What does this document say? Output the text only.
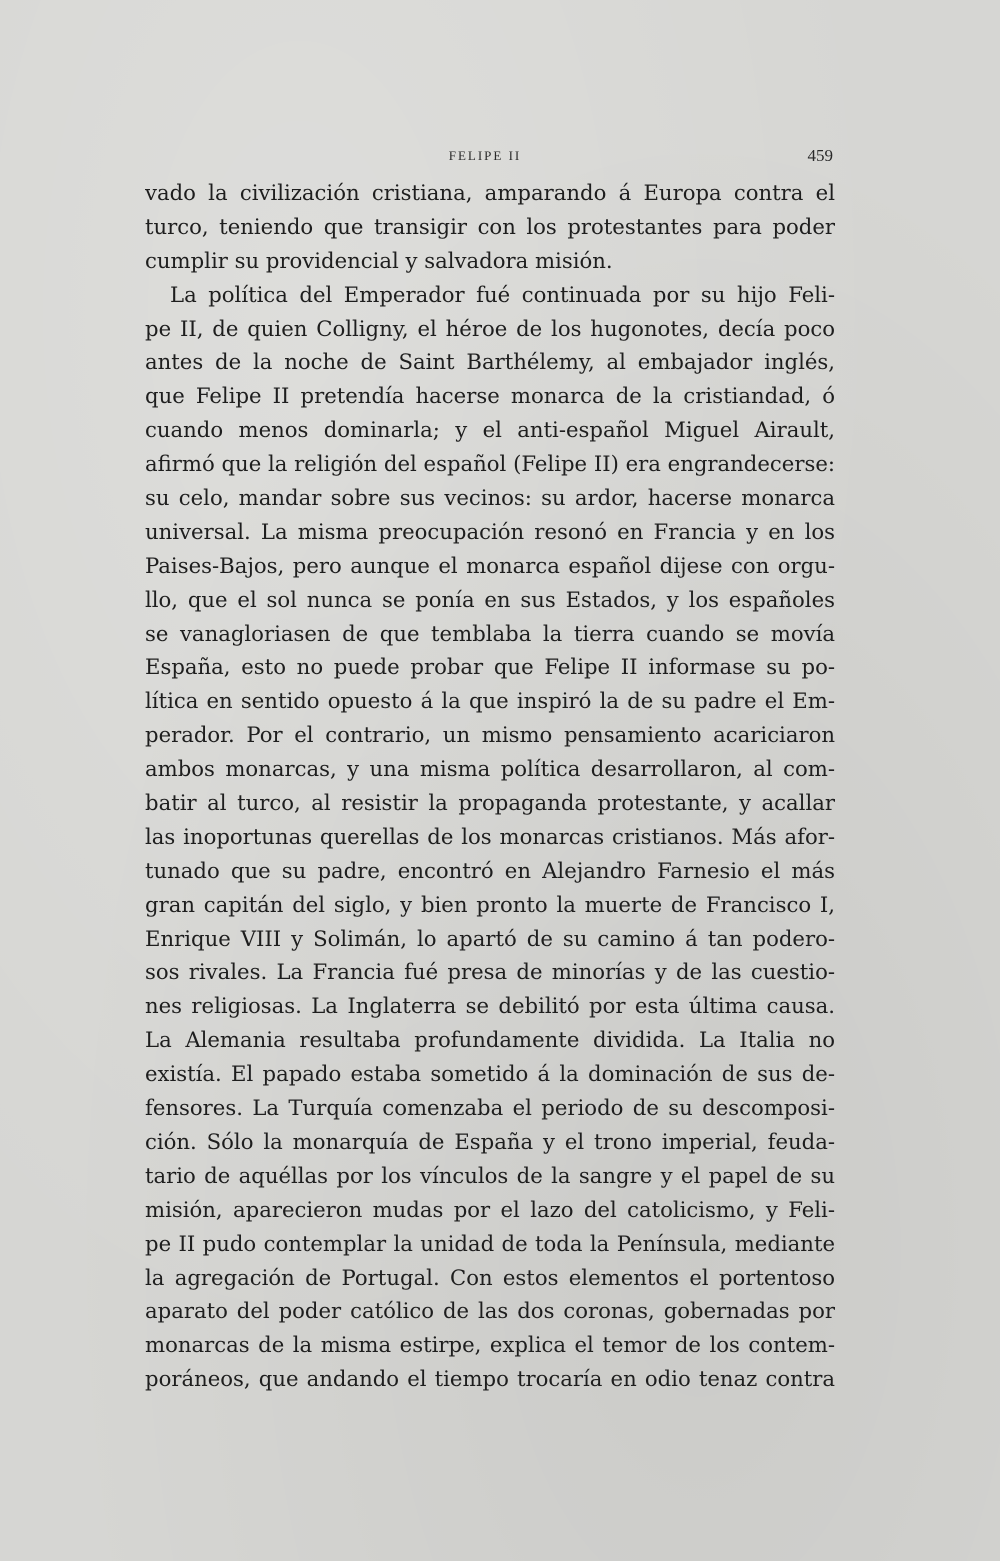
FELIPE II	459
vado la civilización cristiana, amparando á Europa contra el
turco, teniendo que transigir con los protestantes para poder
cumplir su providencial y salvadora misión.
La política del Emperador fué continuada por su hijo Feli-
pe II, de quien Colligny, el héroe de los hugonotes, decía poco
antes de la noche de Saint Barthélemy, al embajador inglés,
que Felipe II pretendía hacerse monarca de la cristiandad, ó
cuando menos dominarla; y el anti-español Miguel Airault,
afirmó que la religión del español (Felipe II) era engrandecerse:
su celo, mandar sobre sus vecinos: su ardor, hacerse monarca
universal. La misma preocupación resonó en Francia y en los
Paises-Bajos, pero aunque el monarca español dijese con orgu-
llo, que el sol nunca se ponía en sus Estados, y los españoles
se vanagloriasen de que temblaba la tierra cuando se movía
España, esto no puede probar que Felipe II informase su po-
lítica en sentido opuesto á la que inspiró la de su padre el Em-
perador. Por el contrario, un mismo pensamiento acariciaron
ambos monarcas, y una misma política desarrollaron, al com-
batir al turco, al resistir la propaganda protestante, y acallar
las inoportunas querellas de los monarcas cristianos. Más afor-
tunado que su padre, encontró en Alejandro Farnesio el más
gran capitán del siglo, y bien pronto la muerte de Francisco I,
Enrique VIII y Solimán, lo apartó de su camino á tan podero-
sos rivales. La Francia fué presa de minorías y de las cuestio-
nes religiosas. La Inglaterra se debilitó por esta última causa.
La Alemania resultaba profundamente dividida. La Italia no
existía. El papado estaba sometido á la dominación de sus de-
fensores. La Turquía comenzaba el periodo de su descomposi-
ción. Sólo la monarquía de España y el trono imperial, feuda-
tario de aquéllas por los vínculos de la sangre y el papel de su
misión, aparecieron mudas por el lazo del catolicismo, y Feli-
pe II pudo contemplar la unidad de toda la Península, mediante
la agregación de Portugal. Con estos elementos el portentoso
aparato del poder católico de las dos coronas, gobernadas por
monarcas de la misma estirpe, explica el temor de los contem-
poráneos, que andando el tiempo trocaría en odio tenaz contra
